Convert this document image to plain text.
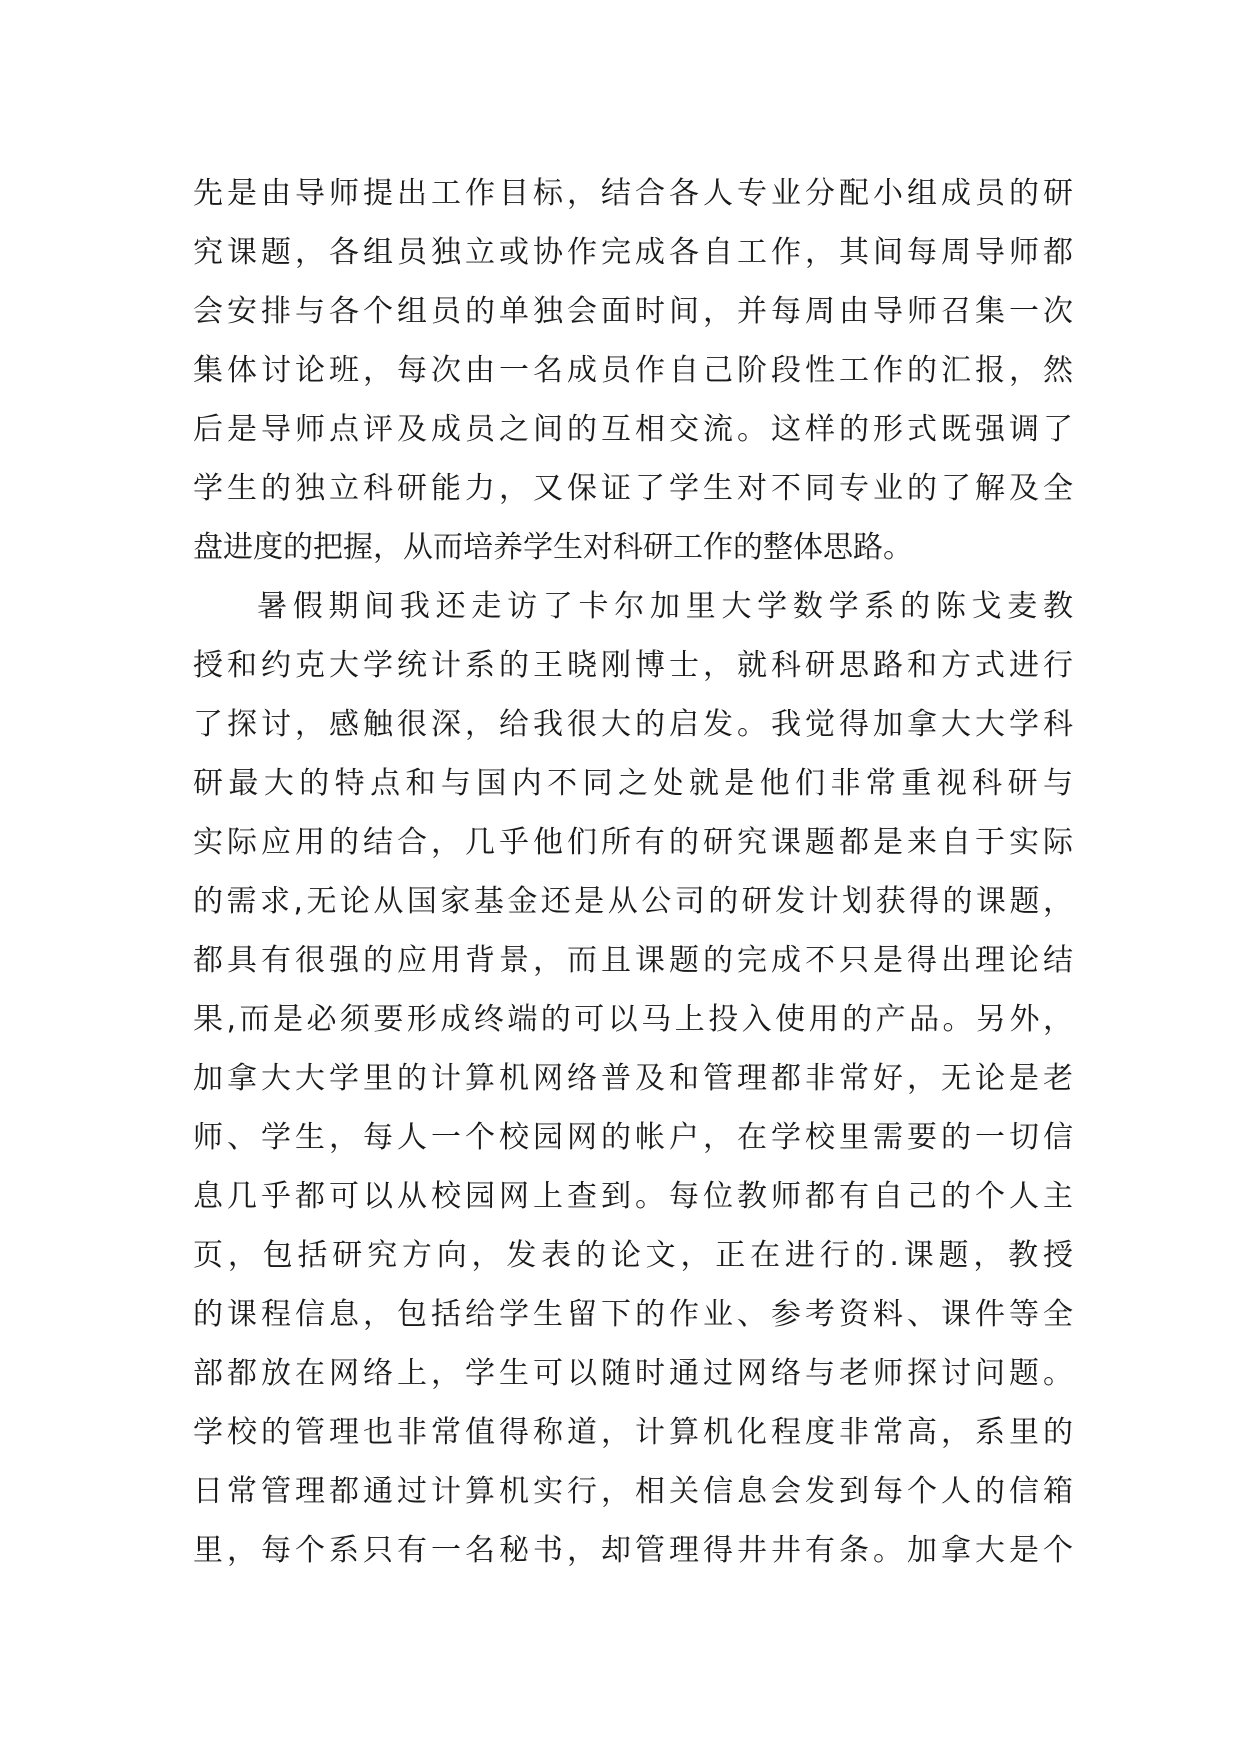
先是由导师提出工作目标，结合各人专业分配小组成员的研
究课题，各组员独立或协作完成各自工作，其间每周导师都
会安排与各个组员的单独会面时间，并每周由导师召集一次
集体讨论班，每次由一名成员作自己阶段性工作的汇报，然
后是导师点评及成员之间的互相交流。这样的形式既强调了
学生的独立科研能力，又保证了学生对不同专业的了解及全
盘进度的把握，从而培养学生对科研工作的整体思路。
暑假期间我还走访了卡尔加里大学数学系的陈戈麦教
授和约克大学统计系的王晓刚博士，就科研思路和方式进行
了探讨，感触很深，给我很大的启发。我觉得加拿大大学科
研最大的特点和与国内不同之处就是他们非常重视科研与
实际应用的结合，几乎他们所有的研究课题都是来自于实际
的需求,无论从国家基金还是从公司的研发计划获得的课题，
都具有很强的应用背景，而且课题的完成不只是得出理论结
果,而是必须要形成终端的可以马上投入使用的产品。另外，
加拿大大学里的计算机网络普及和管理都非常好，无论是老
师、学生，每人一个校园网的帐户，在学校里需要的一切信
息几乎都可以从校园网上查到。每位教师都有自己的个人主
页，包括研究方向，发表的论文，正在进行的.课题，教授
的课程信息，包括给学生留下的作业、参考资料、课件等全
部都放在网络上，学生可以随时通过网络与老师探讨问题。
学校的管理也非常值得称道，计算机化程度非常高，系里的
日常管理都通过计算机实行，相关信息会发到每个人的信箱
里，每个系只有一名秘书，却管理得井井有条。加拿大是个
